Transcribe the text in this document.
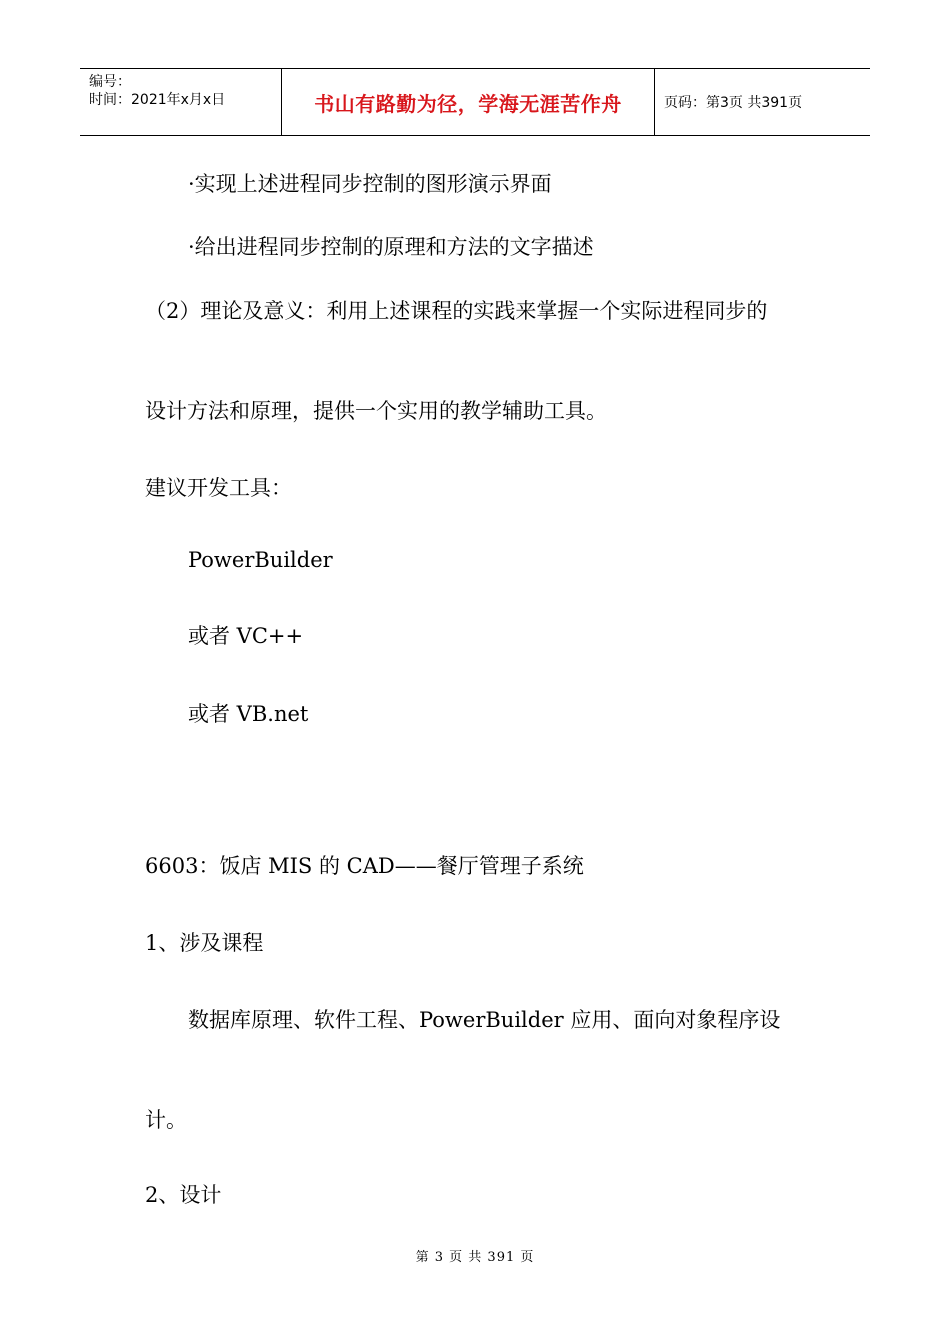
编号：
时间：2021年x月x日	书山有路勤为径，学海无涯苦作舟	页码：第3页 共391页
·实现上述进程同步控制的图形演示界面
·给出进程同步控制的原理和方法的文字描述
（2）理论及意义：利用上述课程的实践来掌握一个实际进程同步的
设计方法和原理，提供一个实用的教学辅助工具。
建议开发工具：
PowerBuilder
或者 VC++
或者 VB.net
6603：饭店 MIS 的 CAD——餐厅管理子系统
1、涉及课程
数据库原理、软件工程、PowerBuilder 应用、面向对象程序设
计。
2、设计
第 3 页 共 391 页
